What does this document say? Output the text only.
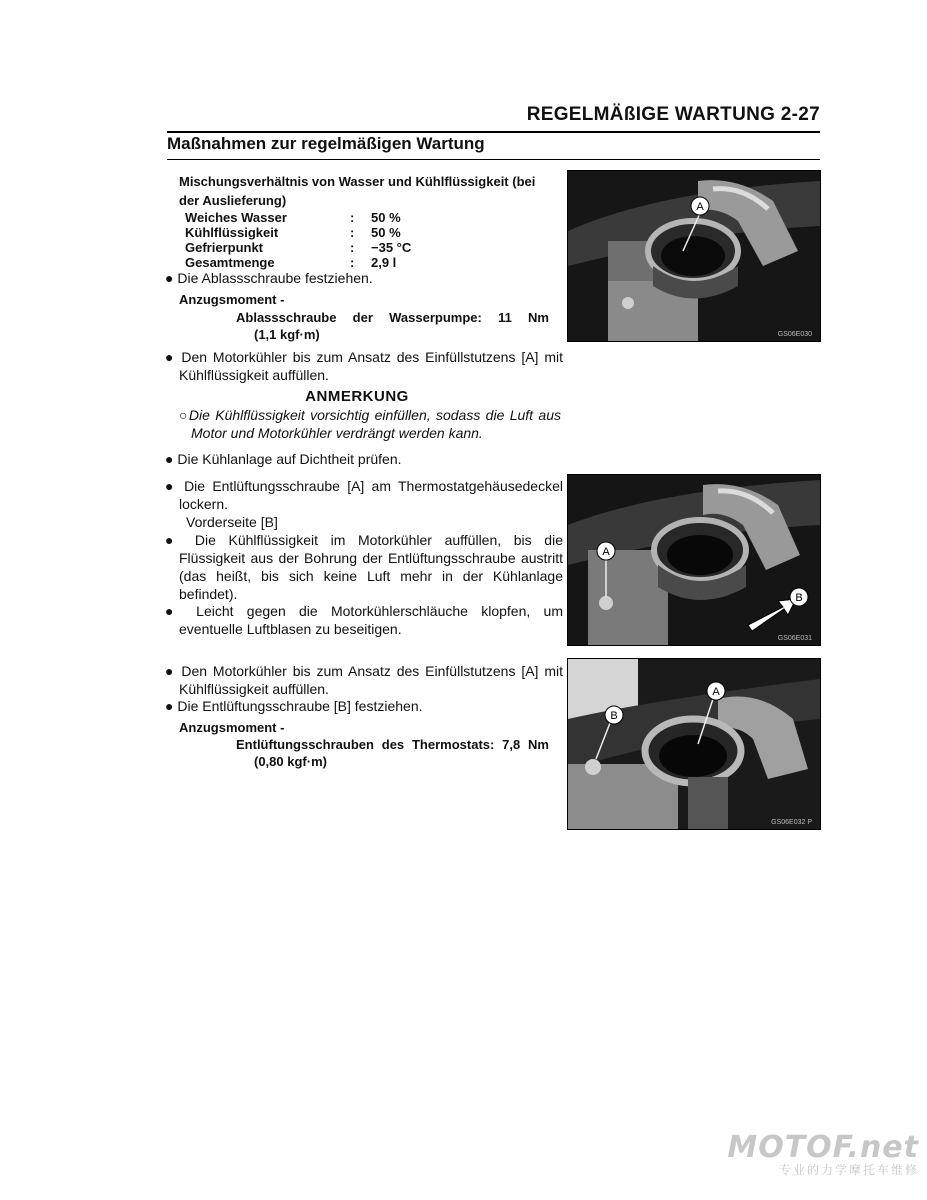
REGELMÄßIGE WARTUNG 2-27
Maßnahmen zur regelmäßigen Wartung
Mischungsverhältnis von Wasser und Kühlflüssigkeit (bei der Auslieferung)
Weiches Wasser	:	50 %
Kühlflüssigkeit	:	50 %
Gefrierpunkt	:	−35 °C
Gesamtmenge	:	2,9 l
● Die Ablassschraube festziehen.
Anzugsmoment -
Ablassschraube der Wasserpumpe: 11 Nm
(1,1 kgf·m)
● Den Motorkühler bis zum Ansatz des Einfüllstutzens [A] mit Kühlflüssigkeit auffüllen.
ANMERKUNG
○Die Kühlflüssigkeit vorsichtig einfüllen, sodass die Luft aus Motor und Motorkühler verdrängt werden kann.
● Die Kühlanlage auf Dichtheit prüfen.
● Die Entlüftungsschraube [A] am Thermostatgehäusedeckel lockern.
Vorderseite [B]
● Die Kühlflüssigkeit im Motorkühler auffüllen, bis die Flüssigkeit aus der Bohrung der Entlüftungsschraube austritt (das heißt, bis sich keine Luft mehr in der Kühlanlage befindet).
● Leicht gegen die Motorkühlerschläuche klopfen, um eventuelle Luftblasen zu beseitigen.
● Den Motorkühler bis zum Ansatz des Einfüllstutzens [A] mit Kühlflüssigkeit auffüllen.
● Die Entlüftungsschraube [B] festziehen.
Anzugsmoment -
Entlüftungsschrauben des Thermostats: 7,8 Nm
(0,80 kgf·m)
A
GS06E030
A
B
GS06E031
A
B
GS06E032 P
MOTOF.net
专业的力学摩托车维修
